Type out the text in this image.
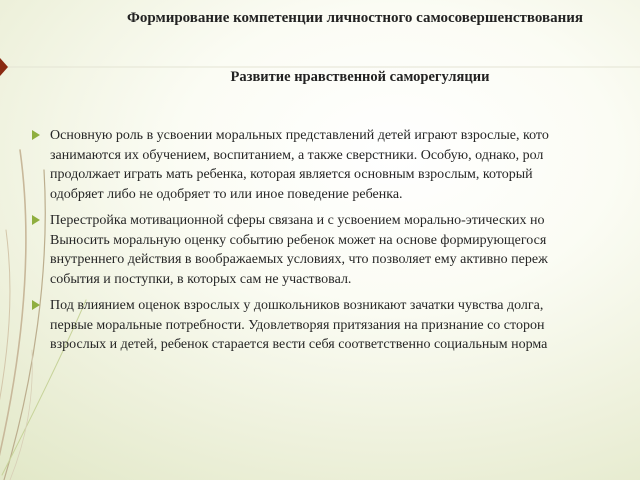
Формирование компетенции личностного самосовершенствования
Развитие нравственной саморегуляции
Основную роль в усвоении моральных представлений детей играют взрослые, кото
занимаются их обучением, воспитанием, а также сверстники. Особую, однако, рол
продолжает играть мать ребенка, которая является основным взрослым, который
одобряет либо не одобряет то или иное поведение ребенка.
Перестройка мотивационной сферы связана и с усвоением морально-этических но
Выносить моральную оценку событию ребенок может на основе формирующегося
внутреннего действия в воображаемых условиях, что позволяет ему активно переж
события и поступки, в которых сам не участвовал.
Под влиянием оценок взрослых у дошкольников возникают зачатки чувства долга,
первые моральные потребности. Удовлетворяя притязания на признание со сторон
взрослых и детей, ребенок старается вести себя соответственно социальным норма
